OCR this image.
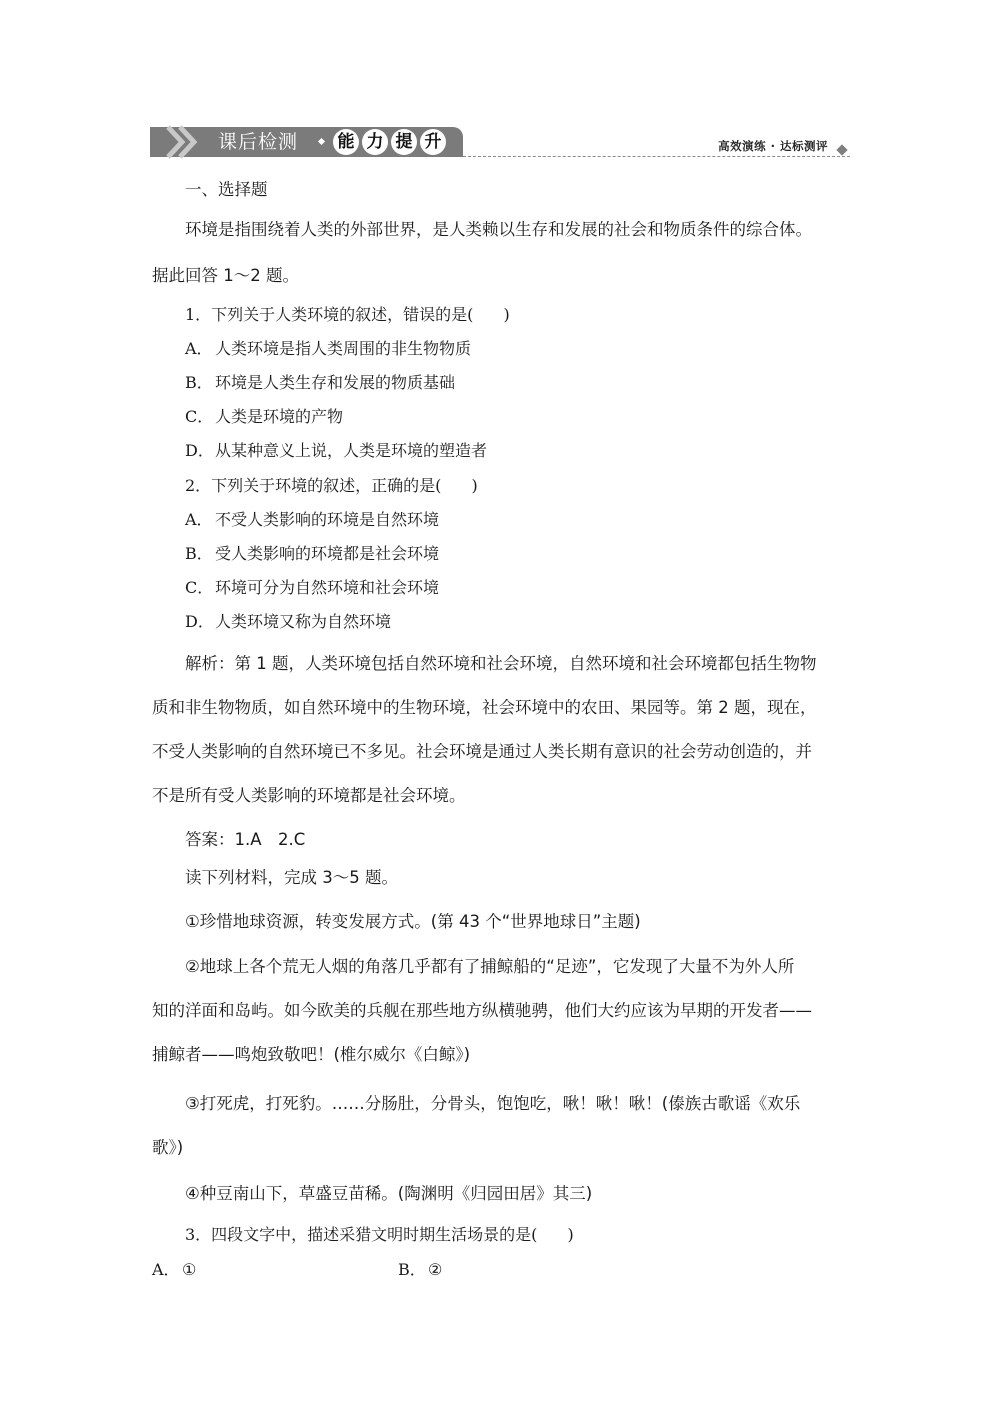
课后检测 能 力 提 升	高效演练 · 达标测评
一、选择题
环境是指围绕着人类的外部世界，是人类赖以生存和发展的社会和物质条件的综合体。
据此回答 1～2 题。
1．下列关于人类环境的叙述，错误的是( )
A． 人类环境是指人类周围的非生物物质
B． 环境是人类生存和发展的物质基础
C． 人类是环境的产物
D．从某种意义上说，人类是环境的塑造者
2．下列关于环境的叙述，正确的是( )
A． 不受人类影响的环境是自然环境
B． 受人类影响的环境都是社会环境
C． 环境可分为自然环境和社会环境
D．人类环境又称为自然环境
解析：第 1 题，人类环境包括自然环境和社会环境，自然环境和社会环境都包括生物物
质和非生物物质，如自然环境中的生物环境，社会环境中的农田、果园等。第 2 题，现在，
不受人类影响的自然环境已不多见。社会环境是通过人类长期有意识的社会劳动创造的，并
不是所有受人类影响的环境都是社会环境。
答案：1.A　2.C
读下列材料，完成 3～5 题。
①珍惜地球资源，转变发展方式。(第 43 个“世界地球日”主题)
②地球上各个荒无人烟的角落几乎都有了捕鲸船的“足迹”，它发现了大量不为外人所
知的洋面和岛屿。如今欧美的兵舰在那些地方纵横驰骋，他们大约应该为早期的开发者——
捕鲸者——鸣炮致敬吧！(椎尔威尔《白鲸》)
③打死虎，打死豹。……分肠肚，分骨头，饱饱吃，啾！啾！啾！(傣族古歌谣《欢乐
歌》)
④种豆南山下，草盛豆苗稀。(陶渊明《归园田居》其三)
3．四段文字中，描述采猎文明时期生活场景的是( )
A． ①	B． ②
